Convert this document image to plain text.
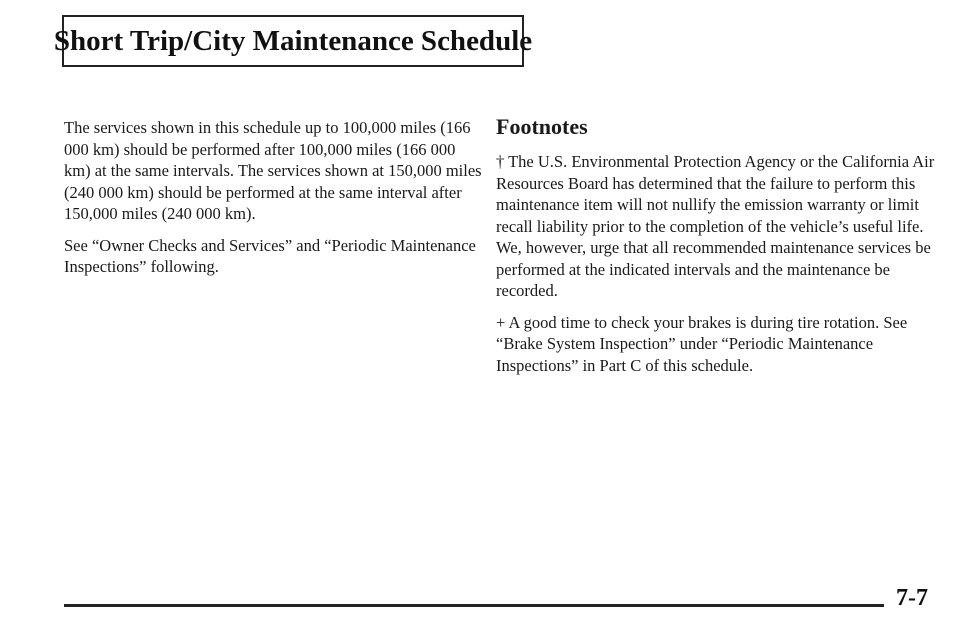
Short Trip/City Maintenance Schedule

The services shown in this schedule up to 100,000 miles (166 000 km) should be performed after 100,000 miles (166 000 km) at the same intervals. The services shown at 150,000 miles (240 000 km) should be performed at the same interval after 150,000 miles (240 000 km).

See “Owner Checks and Services” and “Periodic Maintenance Inspections” following.

Footnotes

† The U.S. Environmental Protection Agency or the California Air Resources Board has determined that the failure to perform this maintenance item will not nullify the emission warranty or limit recall liability prior to the completion of the vehicle’s useful life. We, however, urge that all recommended maintenance services be performed at the indicated intervals and the maintenance be recorded.

+ A good time to check your brakes is during tire rotation. See “Brake System Inspection” under “Periodic Maintenance Inspections” in Part C of this schedule.

7-7
